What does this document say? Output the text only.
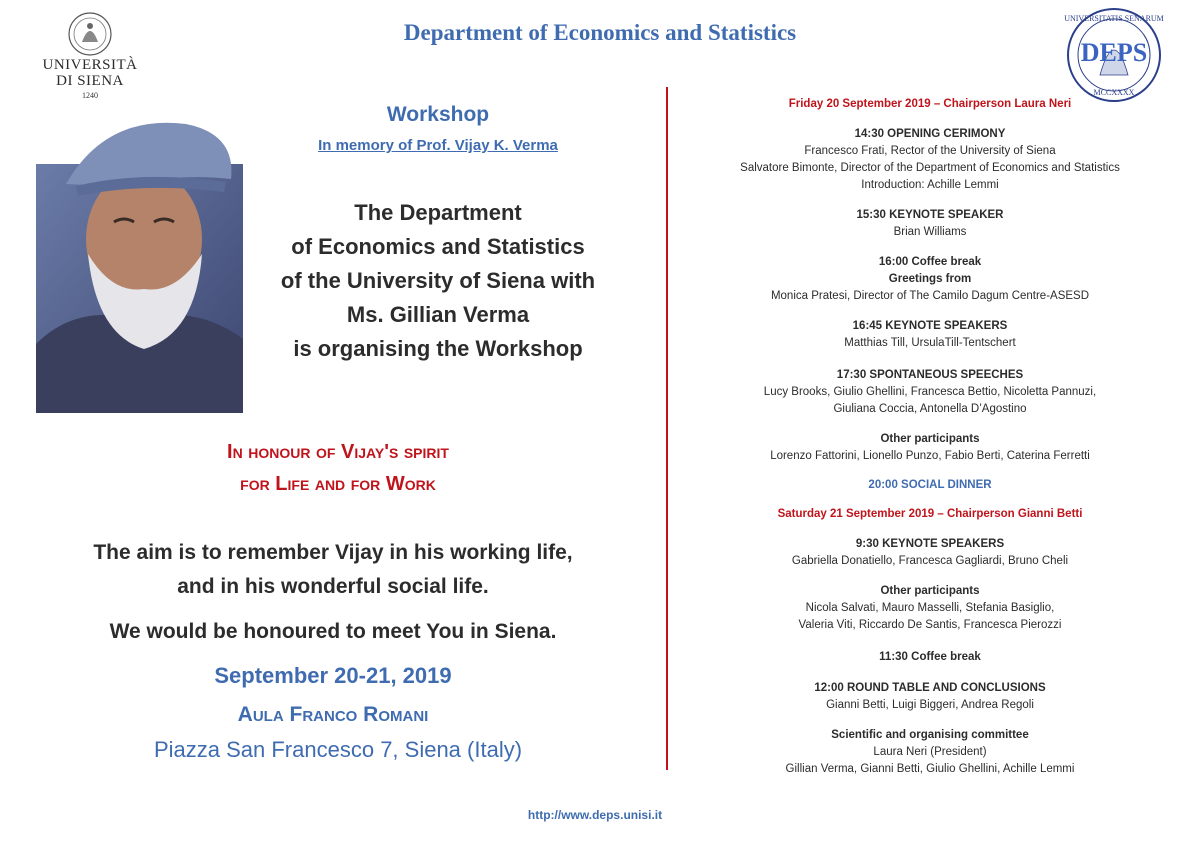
Department of Economics and Statistics
UNIVERSITÀ
DI SIENA
1240
DEPS
UNIVERSITATIS SENARUM
MCCXXXX
Workshop
In memory of Prof. Vijay K. Verma
The Department
of Economics and Statistics
of the University of Siena with
Ms. Gillian Verma
is organising the Workshop
In honour of Vijay's spirit
for Life and for Work
The aim is to remember Vijay in his working life,
and in his wonderful social life.
We would be honoured to meet You in Siena.
September 20-21, 2019
Aula Franco Romani
Piazza San Francesco 7, Siena (Italy)
Friday 20 September 2019 – Chairperson Laura Neri
14:30 OPENING CERIMONY
Francesco Frati, Rector of the University of Siena
Salvatore Bimonte, Director of the Department of Economics and Statistics
Introduction: Achille Lemmi
15:30 KEYNOTE SPEAKER
Brian Williams
16:00 Coffee break
Greetings from
Monica Pratesi, Director of The Camilo Dagum Centre-ASESD
16:45 KEYNOTE SPEAKERS
Matthias Till, UrsulaTill-Tentschert
17:30 SPONTANEOUS SPEECHES
Lucy Brooks, Giulio Ghellini, Francesca Bettio, Nicoletta Pannuzi,
Giuliana Coccia, Antonella D’Agostino
Other participants
Lorenzo Fattorini, Lionello Punzo, Fabio Berti, Caterina Ferretti
20:00 SOCIAL DINNER
Saturday 21 September 2019 – Chairperson Gianni Betti
9:30 KEYNOTE SPEAKERS
Gabriella Donatiello, Francesca Gagliardi, Bruno Cheli
Other participants
Nicola Salvati, Mauro Masselli, Stefania Basiglio,
Valeria Viti, Riccardo De Santis, Francesca Pierozzi
11:30 Coffee break
12:00 ROUND TABLE AND CONCLUSIONS
Gianni Betti, Luigi Biggeri, Andrea Regoli
Scientific and organising committee
Laura Neri (President)
Gillian Verma, Gianni Betti, Giulio Ghellini, Achille Lemmi
http://www.deps.unisi.it
